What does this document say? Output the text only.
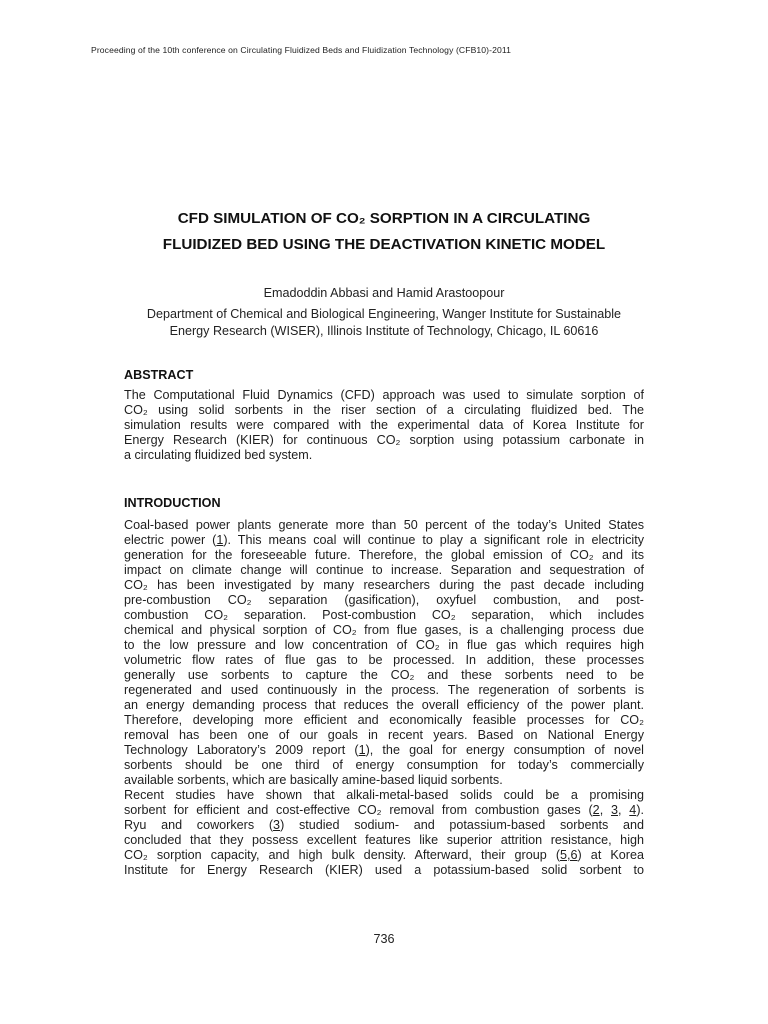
Proceeding of the 10th conference on Circulating Fluidized Beds and Fluidization Technology (CFB10)-2011
CFD SIMULATION OF CO₂ SORPTION IN A CIRCULATING
FLUIDIZED BED USING THE DEACTIVATION KINETIC MODEL
Emadoddin Abbasi and Hamid Arastoopour
Department of Chemical and Biological Engineering, Wanger Institute for Sustainable
Energy Research (WISER), Illinois Institute of Technology, Chicago, IL 60616
ABSTRACT
The Computational Fluid Dynamics (CFD) approach was used to simulate sorption of
CO₂ using solid sorbents in the riser section of a circulating fluidized bed. The
simulation results were compared with the experimental data of Korea Institute for
Energy Research (KIER) for continuous CO₂ sorption using potassium carbonate in
a circulating fluidized bed system.
INTRODUCTION
Coal-based power plants generate more than 50 percent of the today’s United States
electric power (1). This means coal will continue to play a significant role in electricity
generation for the foreseeable future. Therefore, the global emission of CO₂ and its
impact on climate change will continue to increase. Separation and sequestration of
CO₂ has been investigated by many researchers during the past decade including
pre-combustion CO₂ separation (gasification), oxyfuel combustion, and post-
combustion CO₂ separation. Post-combustion CO₂ separation, which includes
chemical and physical sorption of CO₂ from flue gases, is a challenging process due
to the low pressure and low concentration of CO₂ in flue gas which requires high
volumetric flow rates of flue gas to be processed. In addition, these processes
generally use sorbents to capture the CO₂ and these sorbents need to be
regenerated and used continuously in the process. The regeneration of sorbents is
an energy demanding process that reduces the overall efficiency of the power plant.
Therefore, developing more efficient and economically feasible processes for CO₂
removal has been one of our goals in recent years. Based on National Energy
Technology Laboratory’s 2009 report (1), the goal for energy consumption of novel
sorbents should be one third of energy consumption for today’s commercially
available sorbents, which are basically amine-based liquid sorbents.
Recent studies have shown that alkali-metal-based solids could be a promising
sorbent for efficient and cost-effective CO₂ removal from combustion gases (2, 3, 4).
Ryu and coworkers (3) studied sodium- and potassium-based sorbents and
concluded that they possess excellent features like superior attrition resistance, high
CO₂ sorption capacity, and high bulk density. Afterward, their group (5,6) at Korea
Institute for Energy Research (KIER) used a potassium-based solid sorbent to
736
